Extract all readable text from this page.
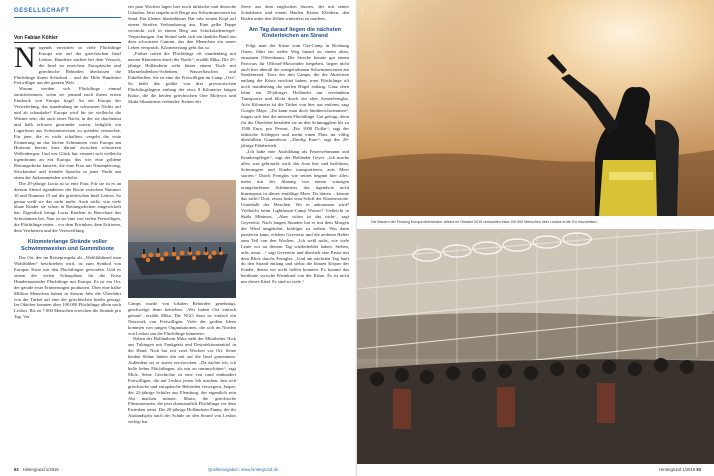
GESELLSCHAFT
Von Fabian Köhler

Nirgends erreichen so viele Flüchtlinge Europa wie auf der griechischen Insel Lesbos. Hunderte starben bei dem Versuch, die Insel zu erreichen. Europäische und griechische Behörden überlassen die Flüchtlinge ihrem Schicksal – und der Hilfe Hunderter Freiwilliger aus der ganzen Welt.

Warum werden sich Flüchtlinge einmal zurückerinnern, wenn sie jemand nach ihrem ersten Eindruck von Europa fragt? An ein Europa der Verweifelung, das stundenlang im schwarzen Nichts auf und ab schaukelte? Europa wird für sie vielleicht die Wärme sein, die auch einer Nacht, in der sie durchnässt und halb erfroren gestrandet waren, lediglich ein Lagerfeuer aus Schwimmwesten zu spenden vermochte. Für jene, die es nicht schafften, vergeht die erste Erinnerung an das leichte Schimmern vom Europa am Horizont bereits kurz darauf zwischen schwarzen Wellenbergen. Und wer Glück hat, erinnert sich vielleicht irgendwann an ein Europa, das wie eine goldene Rettungsdecke knistert, die eine Frau mit Nasenpiercing, Strickmütze und fremder Sprache in jener Nacht um einen der Ankommenden wickelte.

Die 29-jährige Lucia ist so eine Frau. Für sie ist es an diesem Abend irgendeines der Boote zwischen Nummer 10 und Nummer 15 auf der griechischen Insel Lesbos. So genau weiß sie das nicht mehr. Auch nicht, wie viele blaue Kinder sie schon in Rettungsdecken eingewickelt hat. Eigentlich bringt Lucia Kindern in Barcelona das Schwimmen bei. Nun ist sie eine von vielen Freiwilligen, die Flüchtlinge retten – vor dem Ertrinken, dem Erfrieren, dem Verdursten und der Verzweiflung.

Kilometerlange Strände voller Schwimmwesten und Gummiboote

Der Ort, der im Reiseprospekt als „Wohlfühlinsel man Wohlfühlen“ beschrieben wird, ist zum Symbol von Europas Krise mit den Flüchtlingen geworden. Und es einem der vielen Schauplätze für die Krise Hundertausender Flüchtlinge mit Europa. Es ist ein Ort, der gerade erste Erinnerungen produziert. Über eine halbe Million Menschen haben in diesem Jahr die Überfahrt von der Türkei auf eine der griechischen Inseln gewagt. Im Oktober konnten über 100.000 Flüchtlinge allein nach Lesbos. Bis zu 7.000 Menschen erreichen die Strände pro Tag. Vor

ein paar Wochen lagen hier noch türkische und deutsche Urlauber. Jetzt stapeln sich Berge aus Schwimmwesten im Sand. Ein kleiner blaubeblauer Bär ruht seinen Kopf auf einem Streifen Verbandszeug aus. Eine gelbe Puppe versteckt sich in einem Berg aus Schokoladenriegel-Verpackungen. Am Strand sieht sich ein dunkles Band aus dem schwarzen Gummi, das den Menschen ein neues Leben versprach. Kilometerlang geht das so.

„Früher trafen die Flüchtlinge oft stundenlang mit nassen Klamotten durch die Nacht“, erzählt Mika. Die 25-jährige Holländerin steht hinter einem Tisch mit Marmeladenbrot-Scheiben, Wasserflaschen und Fukelbrillen. Sie ist eine der Freiwilligen im Camp „Oxi“. So heißt das größte von drei provisorischen Flüchtlingslagern entlang der etwa 8 Kilometer langen Küste, die die beiden griechischen Orte Molyvos und Skala Sikamineas verbindet. Keines der

Camps wurde von lokalen Behörden genehmigt, geschweige denn betrieben. „Wir haben Oxi einfach gebaut“, erzählt Mika. Die NGO dazu ist einfach ein Netzwerk von Freiwilligen. Viele der großen Ideen kommen von jungen Organisationen, die sich im Norden von Lesbos um die Flüchtlinge kümmern.

Neben der Holländerin Mika steht der Mitarbeiter Nick aus Tübingen mit Funkgerät und Desinfektionsmittel in der Hand. Nick hat seit zwei Wochen vor Ort. Seine beiden Söhne hätten ihn mit auf die Insel genommen. Außerdem sei er zuerst erschrocken. „Da dachte ich, ich helfe lieber Flüchtlingen, als nur zu rummschitten“, sagt Mick. Seine Geschichte ist eine von rund einhundert Freiwilligen, die auf Lesbos jenen Job machen, den sich griechische und europäische Behörden verwegern. Jasper, der 22-jährige Schüler aus Flensburg, der eigentlich sein Abi machen müsste. Maria, die griechische Filmestreuerin, die jetzt ehrenamtlich Flüchtlinge vor dem Ertrinken rettet. Die 20-jährige Holländerin Fanny, die ihr Auslandsjahr nach der Schule an den Strand von Lesbos verlegt hat.

Steve aus dem englischen Sussex, der mit seiner Schubkarre und einem Haufen Kisten Kleidern, den Boden unter den Zelten winterfest zu machen.

Am Tag darauf liegen die nächsten Kinderleichen am Strand

Folgt man der Küste vom Oxi-Camp in Richtung Osten, führt ein steiler Weg hinauf zu einem alten, einsamen Olivenbaum. Die Strecke könnte gut einem Parcours für Offroad-Motorräder hergeben, liegen nicht auch hier überall die orangefarbenen Schwimmwesten am Straßenrand. Trotz der drei Camps, die die Aktivisten entlang der Küste errichtet haben, irren Flüchtlinge oft noch stundenlang die steilen Hügel entlang. Ganz oben lehnt ein 29-jähriger Holländer am verstaubten Transporter und blickt durch ein altes Armeefernglas. Acht Kilometer ist die Türkei von hier aus entfernt, sagt Google Maps. „Da kann man doch hinüberschwimmen“, fragen sich hier die meisten Flüchtlinge. Gut gefragt, denn für die Überfahrt bezahlen sie an den Schmugglern bis zu 1500 Euro, pro Person. „Für 1000 Dollar“, sagt der türkische Schlepper und meint einen Platz im völlig überfüllten Gummiboot. „Dreifig Euro“, sagt der 29-jährige Fährbetrieb.

„Ich habe eine Ausbildung als Feuerwehrmann und Krankenpfleger“, sagt der Holländer Geyer. „Ich mache alles, was gebraucht wird: das Auto hin- und herfahren, Schwangere und Kinder transportieren, aufs Meer starren.“ Durch Fernglas wie seines begann hier alles: meist mit der Ahnung von einem winzigen orangefarbenen Schimmern, das irgendwie nicht hineinpasst in dieses einfältige Meer. Da hinten – könnte das nicht? Dort, etwas links vom Schiff der Küstenwache. Unterhalb der Meschen. Wo es ankommen wird? Vielleicht beim Lighthouse-Camp Wasser? Vielleicht in Skála Mínimos. „Aber sicher ist das nicht“, sagt Geyeretto. Nach langen Stunden hat er mit dem Morgen der Wind umgekehrt, kräftiger zu wehen. Was dann passieren kann, erleben Geyeretto und die anderen Helfer zum Teil von den Wochen. „Ich weiß nicht, wie viele Leute wir an diesem Tag wiederbelebt haben. Sieben, acht, neun ...“ sagt Geyeretto und überfielt eine Pause mit dem Blick durchs Fernglas. „Und am nächsten Tag lauft du den Strand entlang und siehst die blauen Körper der Kinder, denen wir nicht helfen konnten. Es kommt das berühmte syrische Kleinkind von der Küste. Es ist nicht nur dieses Kind. Es sind so viele.“

82 Hintergrund 1/2016	Quellenangaben: www.hintergrund.de
Foto: dpa
Die Mauern der Festung Europa überwinden: Alleine im Oktober 2015 versuchten etwa 100 000 Menschen über Lesbos in die EU einzureisen.
Hintergrund 1/2016 83
